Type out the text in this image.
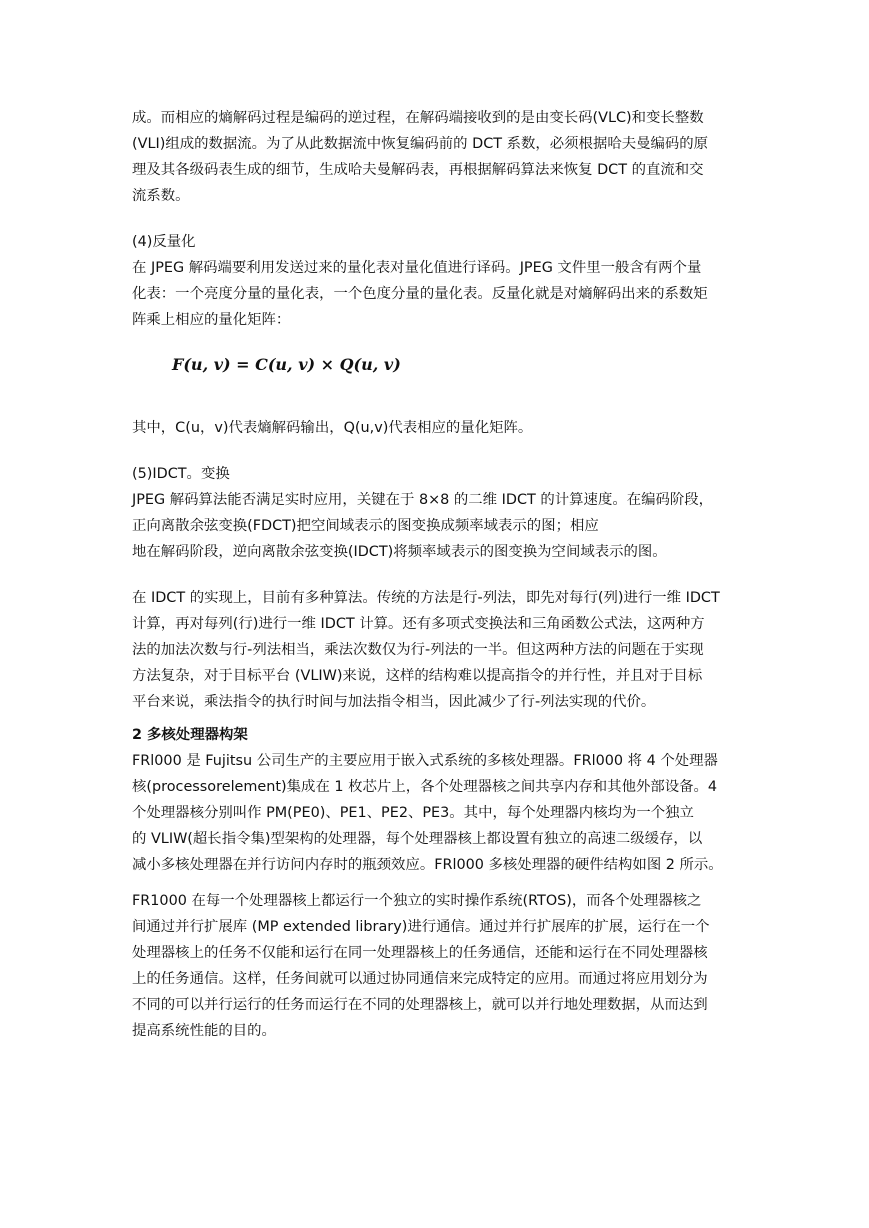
成。而相应的熵解码过程是编码的逆过程，在解码端接收到的是由变长码(VLC)和变长整数
(VLI)组成的数据流。为了从此数据流中恢复编码前的 DCT 系数，必须根据哈夫曼编码的原
理及其各级码表生成的细节，生成哈夫曼解码表，再根据解码算法来恢复 DCT 的直流和交
流系数。
(4)反量化
在 JPEG 解码端要利用发送过来的量化表对量化值进行译码。JPEG 文件里一般含有两个量
化表：一个亮度分量的量化表，一个色度分量的量化表。反量化就是对熵解码出来的系数矩
阵乘上相应的量化矩阵：
F(u, v) = C(u, v) × Q(u, v)
其中，C(u，v)代表熵解码输出，Q(u,v)代表相应的量化矩阵。
(5)IDCT。变换
JPEG 解码算法能否满足实时应用，关键在于 8×8 的二维 IDCT 的计算速度。在编码阶段，
正向离散余弦变换(FDCT)把空间域表示的图变换成频率域表示的图；相应
地在解码阶段，逆向离散余弦变换(IDCT)将频率域表示的图变换为空间域表示的图。
在 IDCT 的实现上，目前有多种算法。传统的方法是行-列法，即先对每行(列)进行一维 IDCT
计算，再对每列(行)进行一维 IDCT 计算。还有多项式变换法和三角函数公式法，这两种方
法的加法次数与行-列法相当，乘法次数仅为行-列法的一半。但这两种方法的问题在于实现
方法复杂，对于目标平台 (VLIW)来说，这样的结构难以提高指令的并行性，并且对于目标
平台来说，乘法指令的执行时间与加法指令相当，因此减少了行-列法实现的代价。
2 多核处理器构架
FRl000 是 Fujitsu 公司生产的主要应用于嵌入式系统的多核处理器。FRl000 将 4 个处理器
核(processorelement)集成在 1 枚芯片上，各个处理器核之间共享内存和其他外部设备。4
个处理器核分别叫作 PM(PE0)、PE1、PE2、PE3。其中，每个处理器内核均为一个独立
的 VLIW(超长指令集)型架构的处理器，每个处理器核上都设置有独立的高速二级缓存，以
减小多核处理器在并行访问内存时的瓶颈效应。FRl000 多核处理器的硬件结构如图 2 所示。
FR1000 在每一个处理器核上都运行一个独立的实时操作系统(RTOS)，而各个处理器核之
间通过并行扩展库 (MP extended library)进行通信。通过并行扩展库的扩展，运行在一个
处理器核上的任务不仅能和运行在同一处理器核上的任务通信，还能和运行在不同处理器核
上的任务通信。这样，任务间就可以通过协同通信来完成特定的应用。而通过将应用划分为
不同的可以并行运行的任务而运行在不同的处理器核上，就可以并行地处理数据，从而达到
提高系统性能的目的。
